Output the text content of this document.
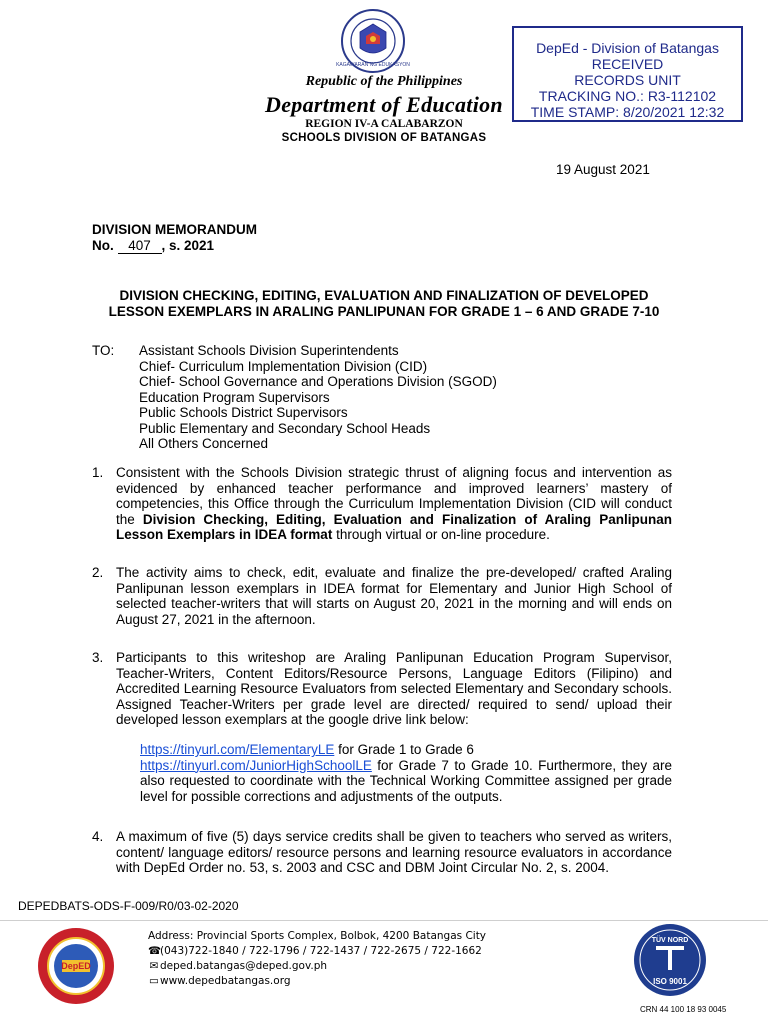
KAGAWARAN NG EDUKASYON
Republic of the Philippines
Department of Education
REGION IV-A CALABARZON
SCHOOLS DIVISION OF BATANGAS
DepEd - Division of Batangas
RECEIVED
RECORDS UNIT
TRACKING NO.: R3-112102
TIME STAMP: 8/20/2021 12:32
19 August 2021
DIVISION MEMORANDUM
No. 407 , s. 2021
DIVISION CHECKING, EDITING, EVALUATION AND FINALIZATION OF DEVELOPED
LESSON EXEMPLARS IN ARALING PANLIPUNAN FOR GRADE 1 – 6 AND GRADE 7-10
TO: Assistant Schools Division Superintendents
Chief- Curriculum Implementation Division (CID)
Chief- School Governance and Operations Division (SGOD)
Education Program Supervisors
Public Schools District Supervisors
Public Elementary and Secondary School Heads
All Others Concerned
1. Consistent with the Schools Division strategic thrust of aligning focus and intervention as evidenced by enhanced teacher performance and improved learners’ mastery of competencies, this Office through the Curriculum Implementation Division (CID will conduct the Division Checking, Editing, Evaluation and Finalization of Araling Panlipunan Lesson Exemplars in IDEA format through virtual or on-line procedure.
2. The activity aims to check, edit, evaluate and finalize the pre-developed/ crafted Araling Panlipunan lesson exemplars in IDEA format for Elementary and Junior High School of selected teacher-writers that will starts on August 20, 2021 in the morning and will ends on August 27, 2021 in the afternoon.
3. Participants to this writeshop are Araling Panlipunan Education Program Supervisor, Teacher-Writers, Content Editors/Resource Persons, Language Editors (Filipino) and Accredited Learning Resource Evaluators from selected Elementary and Secondary schools. Assigned Teacher-Writers per grade level are directed/ required to send/ upload their developed lesson exemplars at the google drive link below:
https://tinyurl.com/ElementaryLE for Grade 1 to Grade 6
https://tinyurl.com/JuniorHighSchoolLE for Grade 7 to Grade 10. Furthermore, they are also requested to coordinate with the Technical Working Committee assigned per grade level for possible corrections and adjustments of the outputs.
4. A maximum of five (5) days service credits shall be given to teachers who served as writers, content/ language editors/ resource persons and learning resource evaluators in accordance with DepEd Order no. 53, s. 2003 and CSC and DBM Joint Circular No. 2, s. 2004.
DEPEDBATS-ODS-F-009/R0/03-02-2020
DepED
Address: Provincial Sports Complex, Bolbok, 4200 Batangas City
☎(043)722-1840 / 722-1796 / 722-1437 / 722-2675 / 722-1662
✉ deped.batangas@deped.gov.ph
▭www.depedbatangas.org
TÜV NORD
ISO 9001
CRN 44 100 18 93 0045
